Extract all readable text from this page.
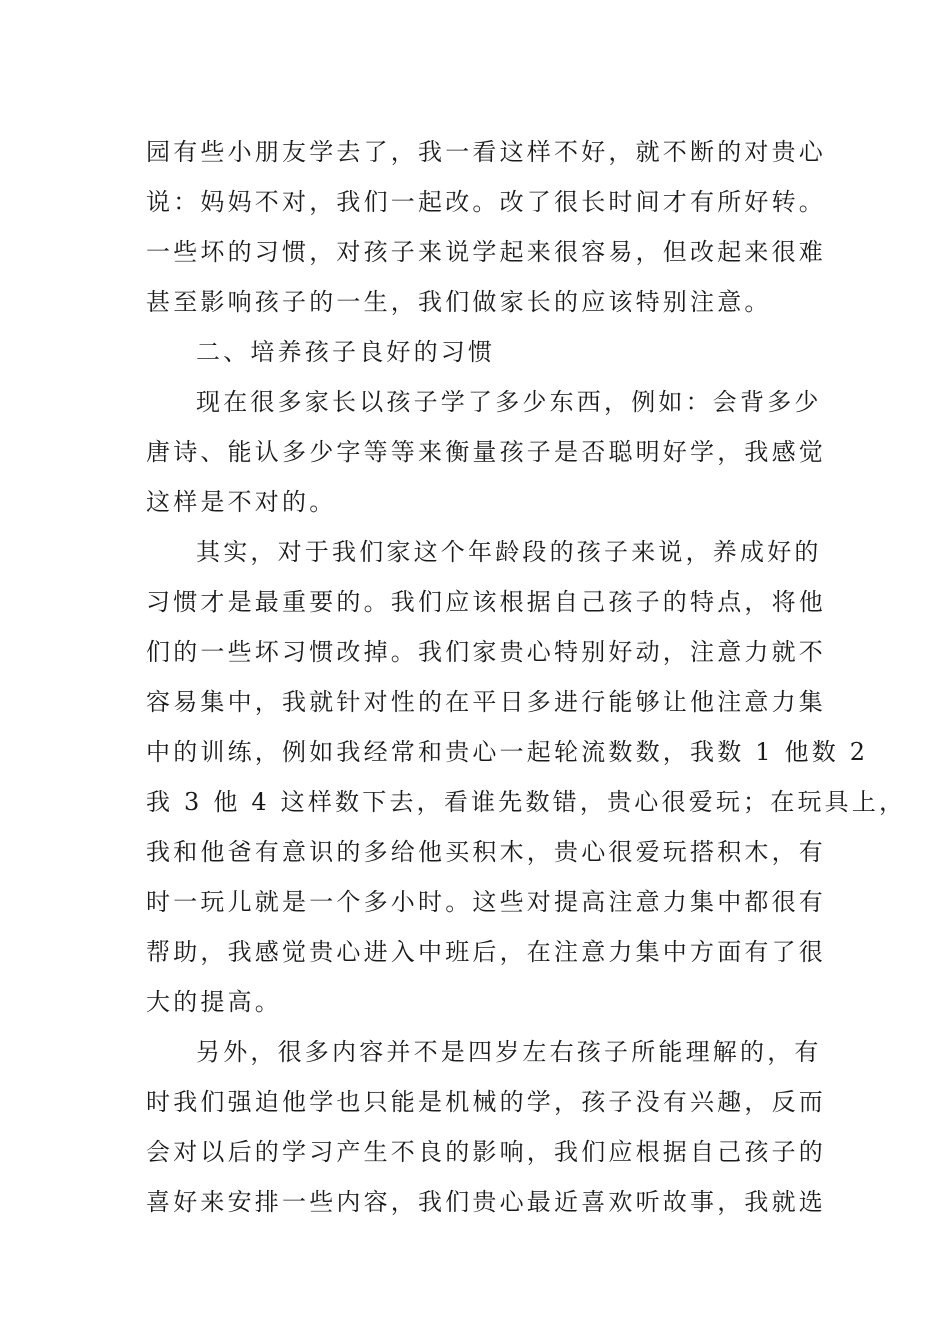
园有些小朋友学去了，我一看这样不好，就不断的对贵心
说：妈妈不对，我们一起改。改了很长时间才有所好转。
一些坏的习惯，对孩子来说学起来很容易，但改起来很难
甚至影响孩子的一生，我们做家长的应该特别注意。
二、培养孩子良好的习惯
现在很多家长以孩子学了多少东西，例如：会背多少
唐诗、能认多少字等等来衡量孩子是否聪明好学，我感觉
这样是不对的。
其实，对于我们家这个年龄段的孩子来说，养成好的
习惯才是最重要的。我们应该根据自己孩子的特点，将他
们的一些坏习惯改掉。我们家贵心特别好动，注意力就不
容易集中，我就针对性的在平日多进行能够让他注意力集
中的训练，例如我经常和贵心一起轮流数数，我数 1 他数 2
我 3 他 4 这样数下去，看谁先数错，贵心很爱玩；在玩具上，
我和他爸有意识的多给他买积木，贵心很爱玩搭积木，有
时一玩儿就是一个多小时。这些对提高注意力集中都很有
帮助，我感觉贵心进入中班后，在注意力集中方面有了很
大的提高。
另外，很多内容并不是四岁左右孩子所能理解的，有
时我们强迫他学也只能是机械的学，孩子没有兴趣，反而
会对以后的学习产生不良的影响，我们应根据自己孩子的
喜好来安排一些内容，我们贵心最近喜欢听故事，我就选
